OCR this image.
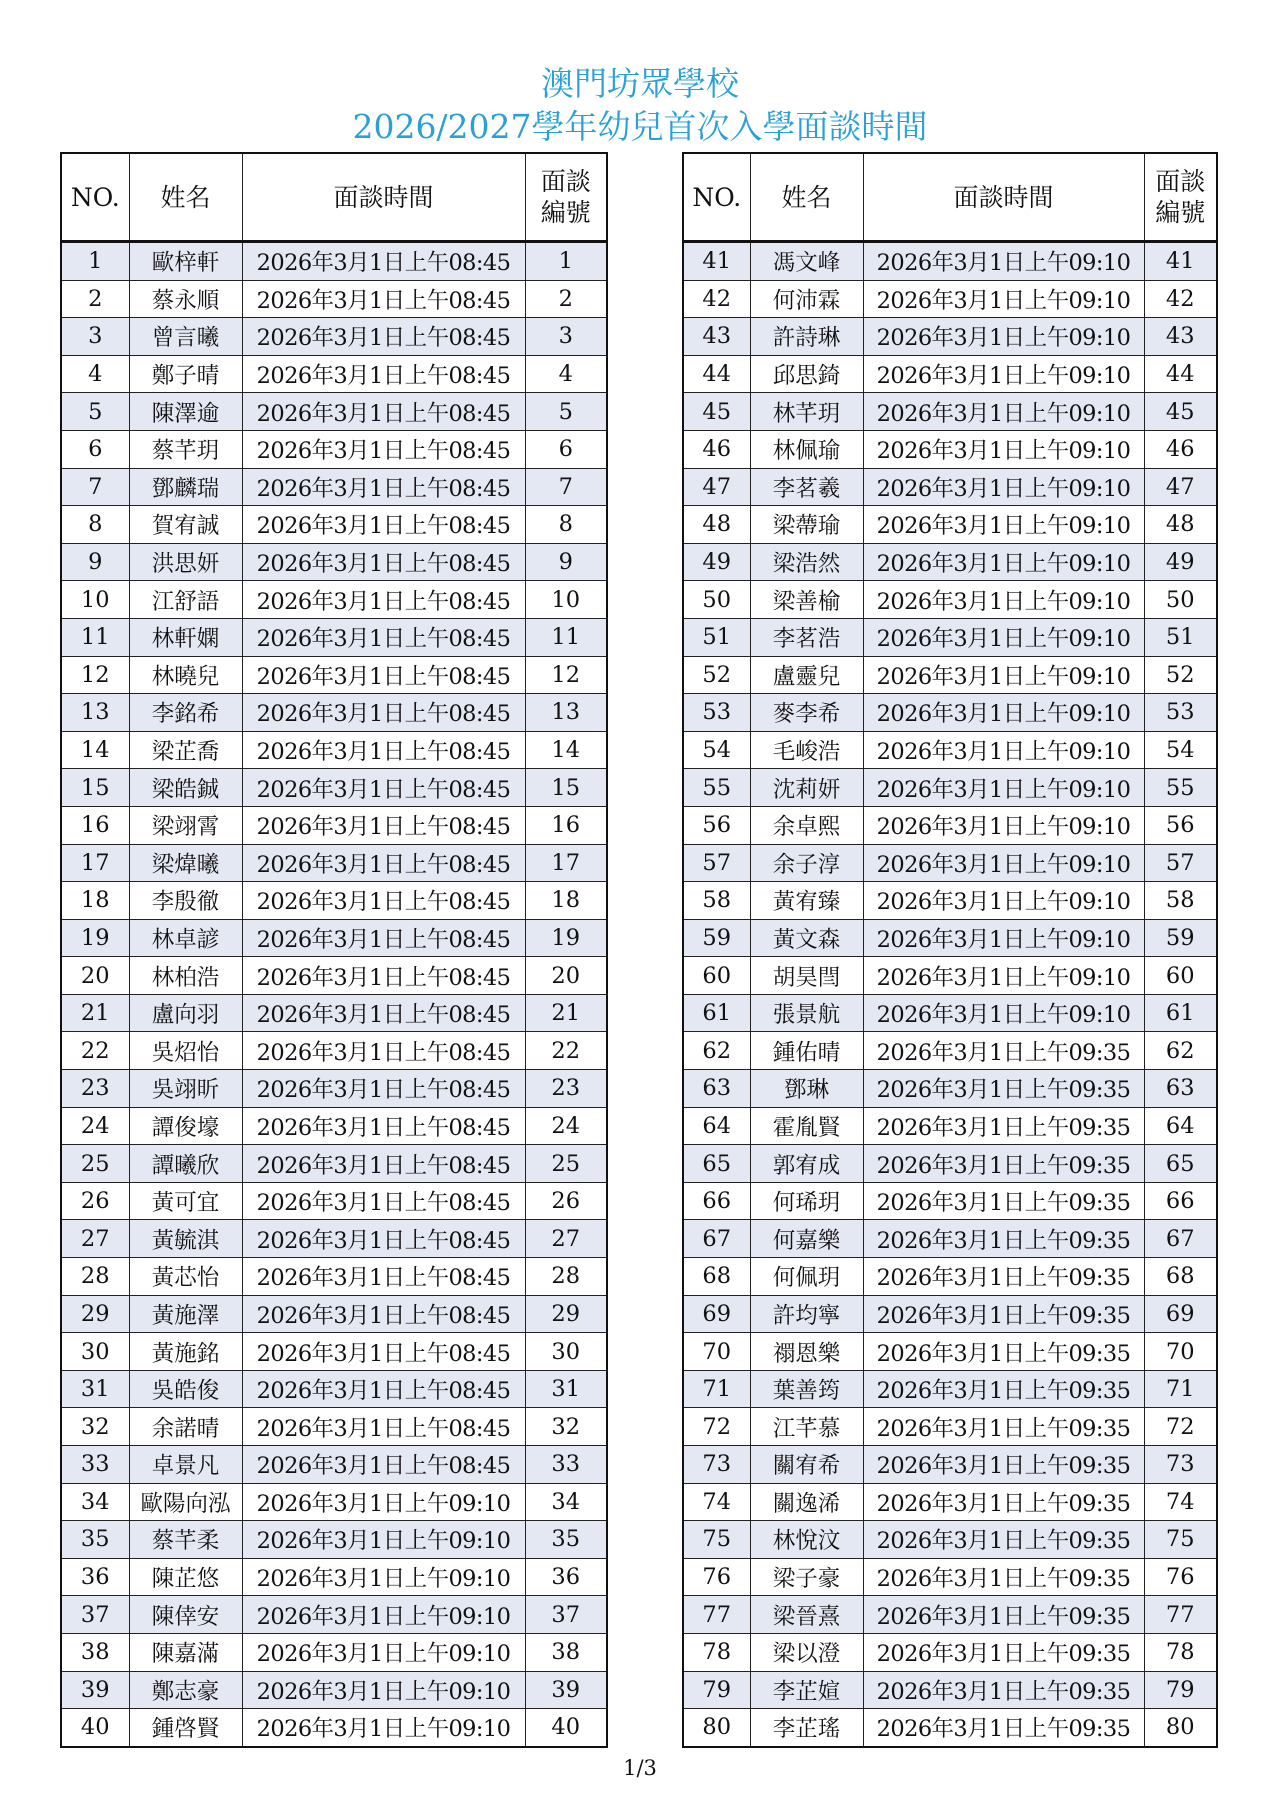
澳門坊眾學校
2026/2027學年幼兒首次入學面談時間
NO.	姓名	面談時間	面談
編號

1	歐梓軒	2026年3月1日上午08:45	1
2	蔡永順	2026年3月1日上午08:45	2
3	曾言曦	2026年3月1日上午08:45	3
4	鄭子晴	2026年3月1日上午08:45	4
5	陳澤逾	2026年3月1日上午08:45	5
6	蔡芊玥	2026年3月1日上午08:45	6
7	鄧麟瑞	2026年3月1日上午08:45	7
8	賀宥誠	2026年3月1日上午08:45	8
9	洪思妍	2026年3月1日上午08:45	9
10	江舒語	2026年3月1日上午08:45	10
11	林軒嫻	2026年3月1日上午08:45	11
12	林曉兒	2026年3月1日上午08:45	12
13	李銘希	2026年3月1日上午08:45	13
14	梁芷喬	2026年3月1日上午08:45	14
15	梁皓鋮	2026年3月1日上午08:45	15
16	梁翊霄	2026年3月1日上午08:45	16
17	梁煒曦	2026年3月1日上午08:45	17
18	李殷徹	2026年3月1日上午08:45	18
19	林卓諺	2026年3月1日上午08:45	19
20	林柏浩	2026年3月1日上午08:45	20
21	盧向羽	2026年3月1日上午08:45	21
22	吳炤怡	2026年3月1日上午08:45	22
23	吳翊昕	2026年3月1日上午08:45	23
24	譚俊壕	2026年3月1日上午08:45	24
25	譚曦欣	2026年3月1日上午08:45	25
26	黃可宜	2026年3月1日上午08:45	26
27	黃毓淇	2026年3月1日上午08:45	27
28	黃芯怡	2026年3月1日上午08:45	28
29	黃施澤	2026年3月1日上午08:45	29
30	黃施銘	2026年3月1日上午08:45	30
31	吳皓俊	2026年3月1日上午08:45	31
32	余諾晴	2026年3月1日上午08:45	32
33	卓景凡	2026年3月1日上午08:45	33
34	歐陽向泓	2026年3月1日上午09:10	34
35	蔡芊柔	2026年3月1日上午09:10	35
36	陳芷悠	2026年3月1日上午09:10	36
37	陳倖安	2026年3月1日上午09:10	37
38	陳嘉滿	2026年3月1日上午09:10	38
39	鄭志豪	2026年3月1日上午09:10	39
40	鍾啓賢	2026年3月1日上午09:10	40
NO.	姓名	面談時間	面談
編號

41	馮文峰	2026年3月1日上午09:10	41
42	何沛霖	2026年3月1日上午09:10	42
43	許詩琳	2026年3月1日上午09:10	43
44	邱思錡	2026年3月1日上午09:10	44
45	林芊玥	2026年3月1日上午09:10	45
46	林佩瑜	2026年3月1日上午09:10	46
47	李茗羲	2026年3月1日上午09:10	47
48	梁蔕瑜	2026年3月1日上午09:10	48
49	梁浩然	2026年3月1日上午09:10	49
50	梁善榆	2026年3月1日上午09:10	50
51	李茗浩	2026年3月1日上午09:10	51
52	盧靈兒	2026年3月1日上午09:10	52
53	麥李希	2026年3月1日上午09:10	53
54	毛峻浩	2026年3月1日上午09:10	54
55	沈莉妍	2026年3月1日上午09:10	55
56	余卓熙	2026年3月1日上午09:10	56
57	余子淳	2026年3月1日上午09:10	57
58	黃宥臻	2026年3月1日上午09:10	58
59	黃文森	2026年3月1日上午09:10	59
60	胡昊閆	2026年3月1日上午09:10	60
61	張景航	2026年3月1日上午09:10	61
62	鍾佑晴	2026年3月1日上午09:35	62
63	鄧琳	2026年3月1日上午09:35	63
64	霍胤賢	2026年3月1日上午09:35	64
65	郭宥成	2026年3月1日上午09:35	65
66	何琋玥	2026年3月1日上午09:35	66
67	何嘉樂	2026年3月1日上午09:35	67
68	何佩玥	2026年3月1日上午09:35	68
69	許均寧	2026年3月1日上午09:35	69
70	禤恩樂	2026年3月1日上午09:35	70
71	葉善筠	2026年3月1日上午09:35	71
72	江芊慕	2026年3月1日上午09:35	72
73	關宥希	2026年3月1日上午09:35	73
74	關逸浠	2026年3月1日上午09:35	74
75	林悅汶	2026年3月1日上午09:35	75
76	梁子豪	2026年3月1日上午09:35	76
77	梁晉熹	2026年3月1日上午09:35	77
78	梁以澄	2026年3月1日上午09:35	78
79	李芷媗	2026年3月1日上午09:35	79
80	李芷瑤	2026年3月1日上午09:35	80
1/3
